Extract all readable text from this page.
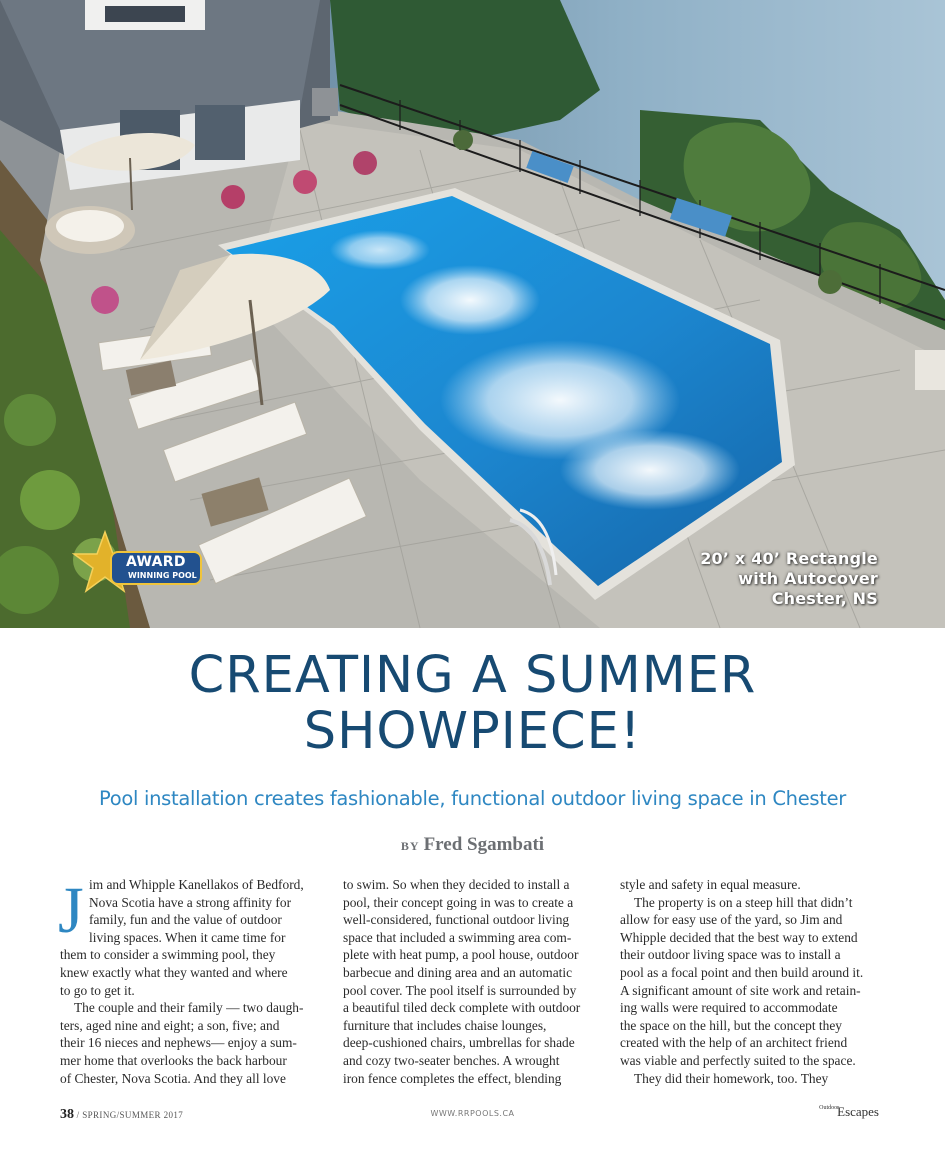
AWARD
WINNING POOL
20’ x 40’ Rectangle
with Autocover
Chester, NS
CREATING A SUMMER
SHOWPIECE!
Pool installation creates fashionable, functional outdoor living space in Chester
BY Fred Sgambati
J im and Whipple Kanellakos of Bedford,

Nova Scotia have a strong affinity for

family, fun and the value of outdoor

living spaces. When it came time for

them to consider a swimming pool, they

knew exactly what they wanted and where

to go to get it.

The couple and their family — two daugh-

ters, aged nine and eight; a son, five; and

their 16 nieces and nephews— enjoy a sum-

mer home that overlooks the back harbour

of Chester, Nova Scotia. And they all love

to swim. So when they decided to install a

pool, their concept going in was to create a

well-considered, functional outdoor living

space that included a swimming area com-

plete with heat pump, a pool house, outdoor

barbecue and dining area and an automatic

pool cover. The pool itself is surrounded by

a beautiful tiled deck complete with outdoor

furniture that includes chaise lounges,

deep-cushioned chairs, umbrellas for shade

and cozy two-seater benches. A wrought

iron fence completes the effect, blending

style and safety in equal measure.

The property is on a steep hill that didn’t

allow for easy use of the yard, so Jim and

Whipple decided that the best way to extend

their outdoor living space was to install a

pool as a focal point and then build around it.

A significant amount of site work and retain-

ing walls were required to accommodate

the space on the hill, but the concept they

created with the help of an architect friend

was viable and perfectly suited to the space.

They did their homework, too. They

38 / SPRING/SUMMER 2017	WWW.RRPOOLS.CA
$^{Outdoor}$Escapes
